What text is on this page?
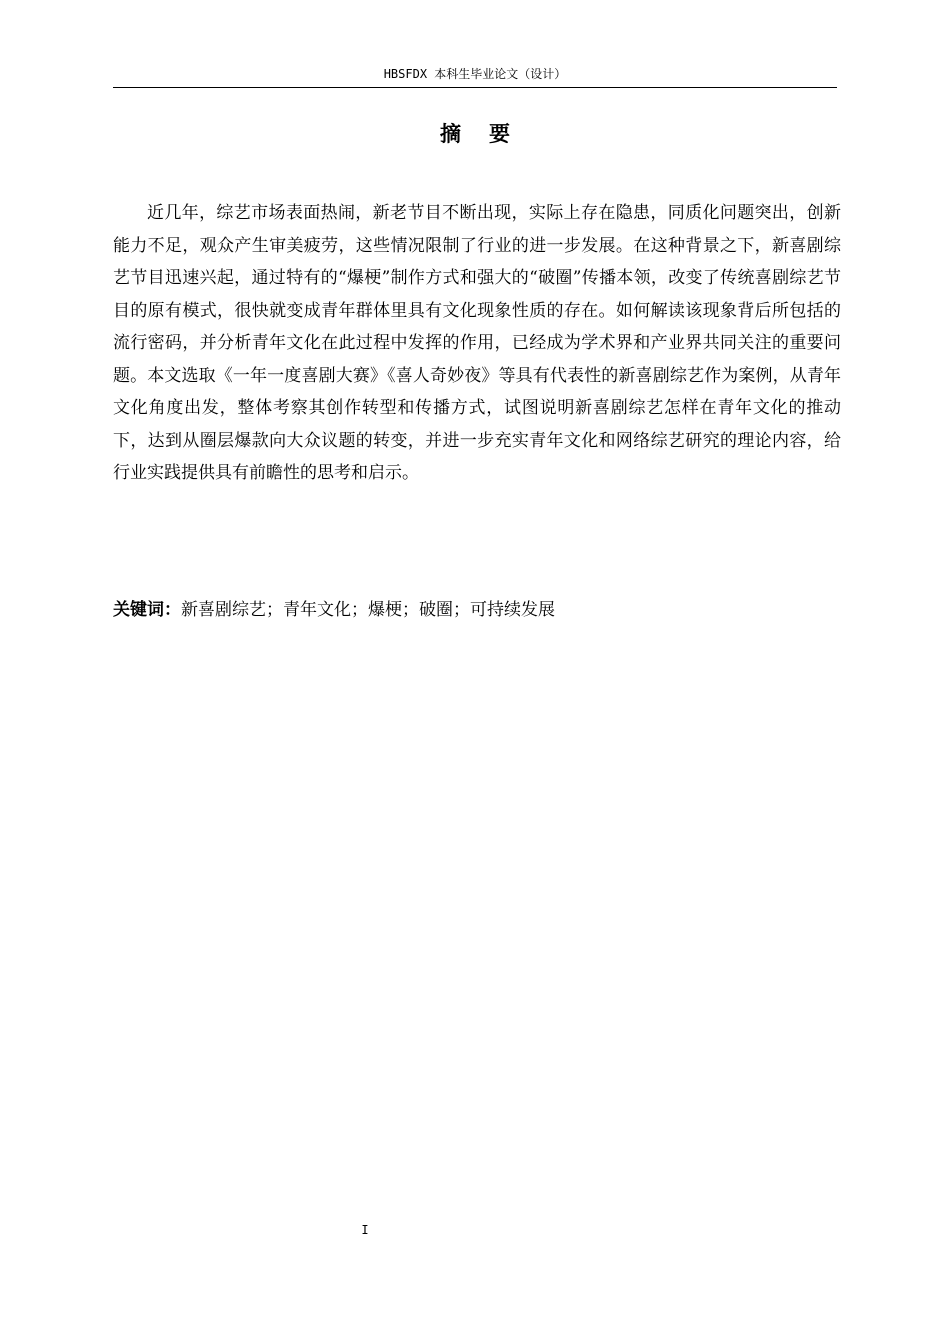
HBSFDX 本科生毕业论文（设计）
摘要

近几年，综艺市场表面热闹，新老节目不断出现，实际上存在隐患，同质化问题突出，创新能力不足，观众产生审美疲劳，这些情况限制了行业的进一步发展。在这种背景之下，新喜剧综艺节目迅速兴起，通过特有的“爆梗”制作方式和强大的“破圈”传播本领，改变了传统喜剧综艺节目的原有模式，很快就变成青年群体里具有文化现象性质的存在。如何解读该现象背后所包括的流行密码，并分析青年文化在此过程中发挥的作用，已经成为学术界和产业界共同关注的重要问题。本文选取《一年一度喜剧大赛》《喜人奇妙夜》等具有代表性的新喜剧综艺作为案例，从青年文化角度出发，整体考察其创作转型和传播方式，试图说明新喜剧综艺怎样在青年文化的推动下，达到从圈层爆款向大众议题的转变，并进一步充实青年文化和网络综艺研究的理论内容，给行业实践提供具有前瞻性的思考和启示。

关键词：新喜剧综艺；青年文化；爆梗；破圈；可持续发展
I
